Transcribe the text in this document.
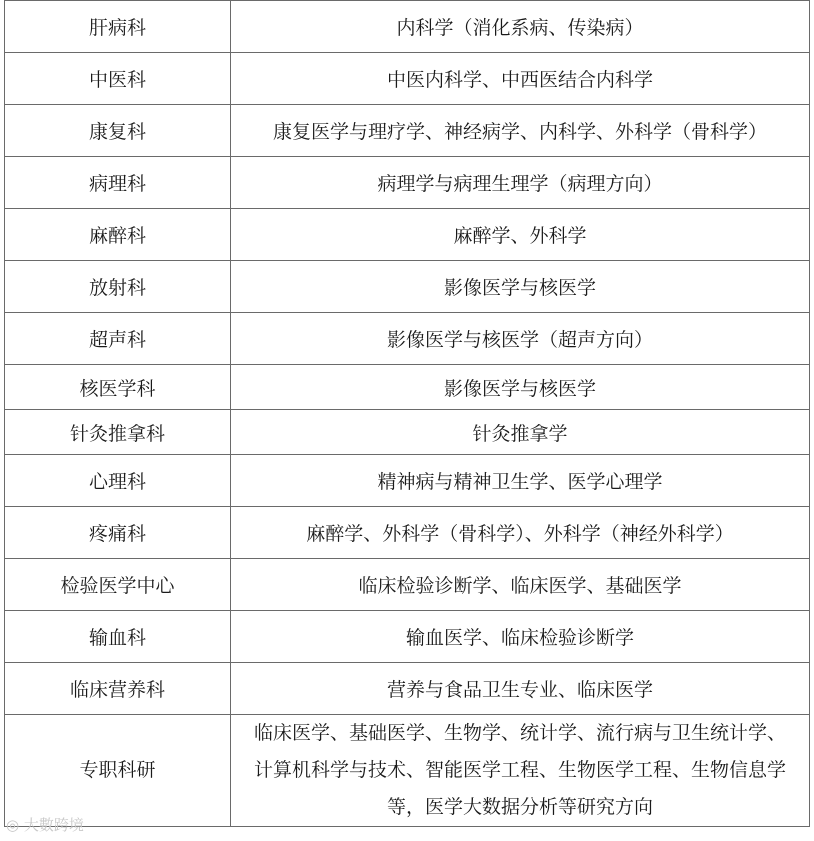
肝病科	内科学（消化系病、传染病）
中医科	中医内科学、中西医结合内科学
康复科	康复医学与理疗学、神经病学、内科学、外科学（骨科学）
病理科	病理学与病理生理学（病理方向）
麻醉科	麻醉学、外科学
放射科	影像医学与核医学
超声科	影像医学与核医学（超声方向）
核医学科	影像医学与核医学
针灸推拿科	针灸推拿学
心理科	精神病与精神卫生学、医学心理学
疼痛科	麻醉学、外科学（骨科学）、外科学（神经外科学）
检验医学中心	临床检验诊断学、临床医学、基础医学
输血科	输血医学、临床检验诊断学
临床营养科	营养与食品卫生专业、临床医学
专职科研	临床医学、基础医学、生物学、统计学、流行病与卫生统计学、
计算机科学与技术、智能医学工程、生物医学工程、生物信息学
等，医学大数据分析等研究方向
◎ 大數跨境
